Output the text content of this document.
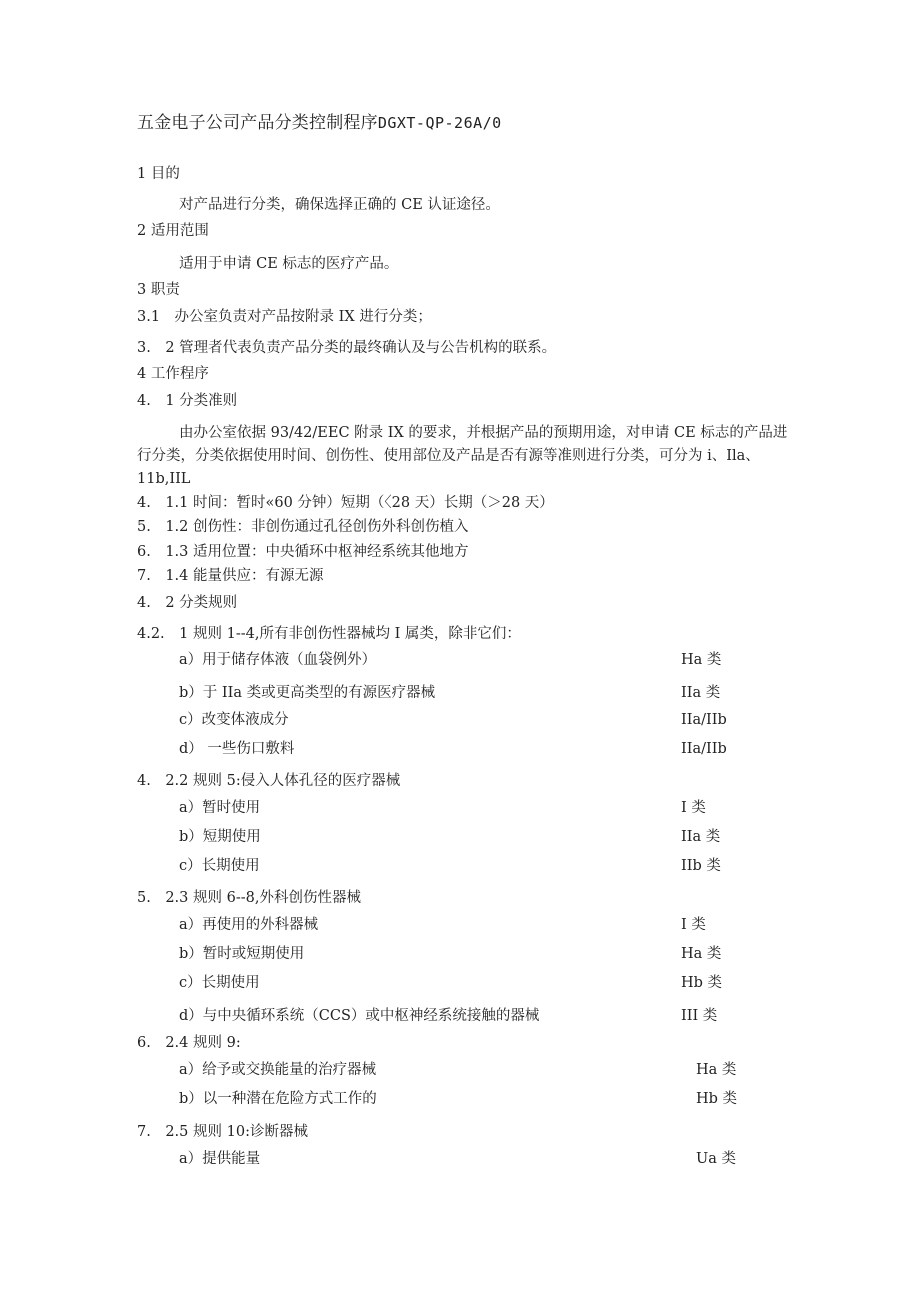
五金电子公司产品分类控制程序DGXT-QP-26A/0
1 目的
对产品进行分类，确保选择正确的 CE 认证途径。
2 适用范围
适用于申请 CE 标志的医疗产品。
3 职责
3.1　办公室负责对产品按附录 IX 进行分类；
3.　2 管理者代表负责产品分类的最终确认及与公告机构的联系。
4 工作程序
4.　1 分类准则
由办公室依据 93/42/EEC 附录 IX 的要求，并根据产品的预期用途，对申请 CE 标志的产品进
行分类，分类依据使用时间、创伤性、使用部位及产品是否有源等准则进行分类，可分为 i、Ila、
11b,IIL
4.　1.1 时间：暂时«60 分钟）短期（〈28 天）长期（＞28 天）
5.　1.2 创伤性：非创伤通过孔径创伤外科创伤植入
6.　1.3 适用位置：中央循环中枢神经系统其他地方
7.　1.4 能量供应：有源无源
4.　2 分类规则
4.2.　1 规则 1--4,所有非创伤性器械均 I 属类，除非它们：
a）用于储存体液（血袋例外）	Ha 类
b）于 IIa 类或更高类型的有源医疗器械	IIa 类
c）改变体液成分	IIa/IIb
d） 一些伤口敷料	IIa/IIb
4.　2.2 规则 5:侵入人体孔径的医疗器械
a）暂时使用	I 类
b）短期使用	IIa 类
c）长期使用	IIb 类
5.　2.3 规则 6--8,外科创伤性器械
a）再使用的外科器械	I 类
b）暂时或短期使用	Ha 类
c）长期使用	Hb 类
d）与中央循环系统（CCS）或中枢神经系统接触的器械	III 类
6.　2.4 规则 9:
a）给予或交换能量的治疗器械	Ha 类
b）以一种潜在危险方式工作的	Hb 类
7.　2.5 规则 10:诊断器械
a）提供能量	Ua 类
